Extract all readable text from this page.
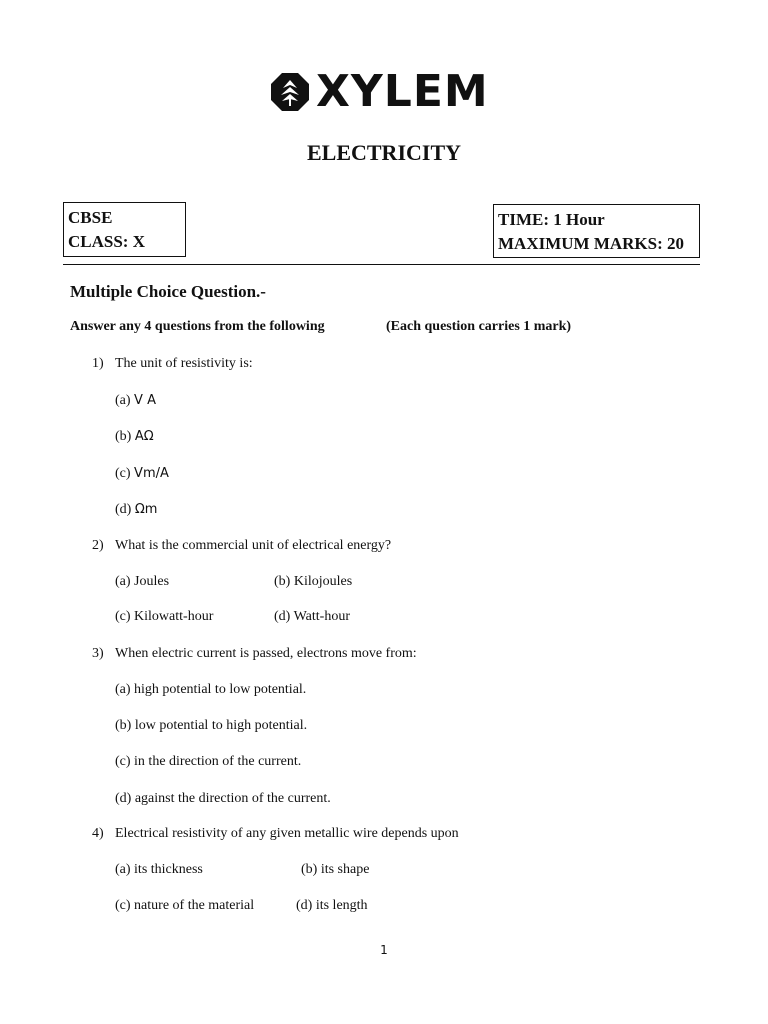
XYLEM
ELECTRICITY
CBSE
CLASS: X
TIME: 1 Hour
MAXIMUM MARKS: 20
Multiple Choice Question.-
Answer any 4 questions from the following	(Each question carries 1 mark)
1) The unit of resistivity is:
(a) V A
(b) AΩ
(c) Vm/A
(d) Ωm
2) What is the commercial unit of electrical energy?
(a) Joules	(b) Kilojoules
(c) Kilowatt-hour	(d) Watt-hour
3) When electric current is passed, electrons move from:
(a) high potential to low potential.
(b) low potential to high potential.
(c) in the direction of the current.
(d) against the direction of the current.
4) Electrical resistivity of any given metallic wire depends upon
(a) its thickness	(b) its shape
(c) nature of the material	(d) its length
1
